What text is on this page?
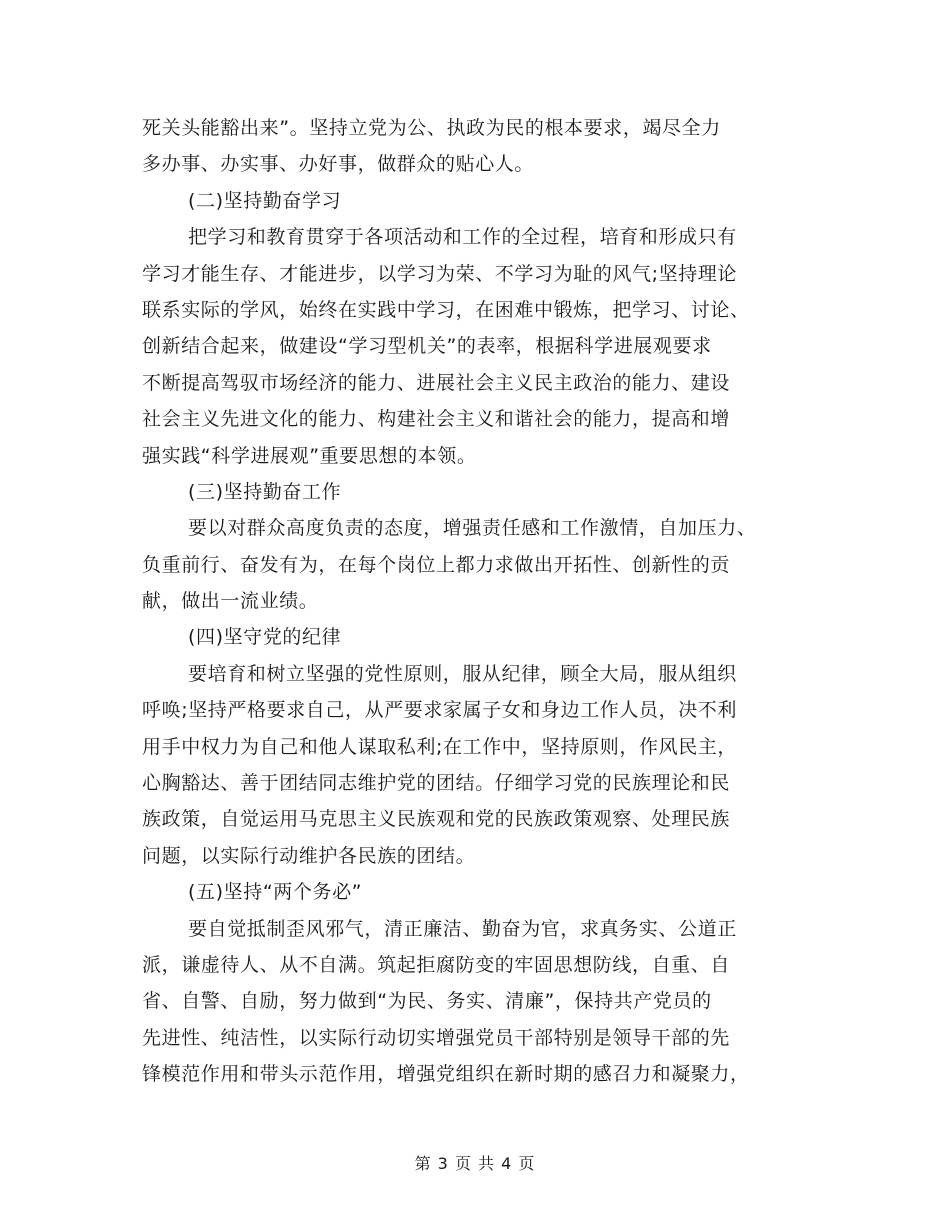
死关头能豁出来”。坚持立党为公、执政为民的根本要求，竭尽全力
多办事、办实事、办好事，做群众的贴心人。
(二)坚持勤奋学习
把学习和教育贯穿于各项活动和工作的全过程，培育和形成只有
学习才能生存、才能进步，以学习为荣、不学习为耻的风气;坚持理论
联系实际的学风，始终在实践中学习，在困难中锻炼，把学习、讨论、
创新结合起来，做建设“学习型机关”的表率，根据科学进展观要求
不断提高驾驭市场经济的能力、进展社会主义民主政治的能力、建设
社会主义先进文化的能力、构建社会主义和谐社会的能力，提高和增
强实践“科学进展观”重要思想的本领。
(三)坚持勤奋工作
要以对群众高度负责的态度，增强责任感和工作激情，自加压力、
负重前行、奋发有为，在每个岗位上都力求做出开拓性、创新性的贡
献，做出一流业绩。
(四)坚守党的纪律
要培育和树立坚强的党性原则，服从纪律，顾全大局，服从组织
呼唤;坚持严格要求自己，从严要求家属子女和身边工作人员，决不利
用手中权力为自己和他人谋取私利;在工作中，坚持原则，作风民主，
心胸豁达、善于团结同志维护党的团结。仔细学习党的民族理论和民
族政策，自觉运用马克思主义民族观和党的民族政策观察、处理民族
问题，以实际行动维护各民族的团结。
(五)坚持“两个务必”
要自觉抵制歪风邪气，清正廉洁、勤奋为官，求真务实、公道正
派，谦虚待人、从不自满。筑起拒腐防变的牢固思想防线，自重、自
省、自警、自励，努力做到“为民、务实、清廉”，保持共产党员的
先进性、纯洁性，以实际行动切实增强党员干部特别是领导干部的先
锋模范作用和带头示范作用，增强党组织在新时期的感召力和凝聚力，
第 3 页 共 4 页
